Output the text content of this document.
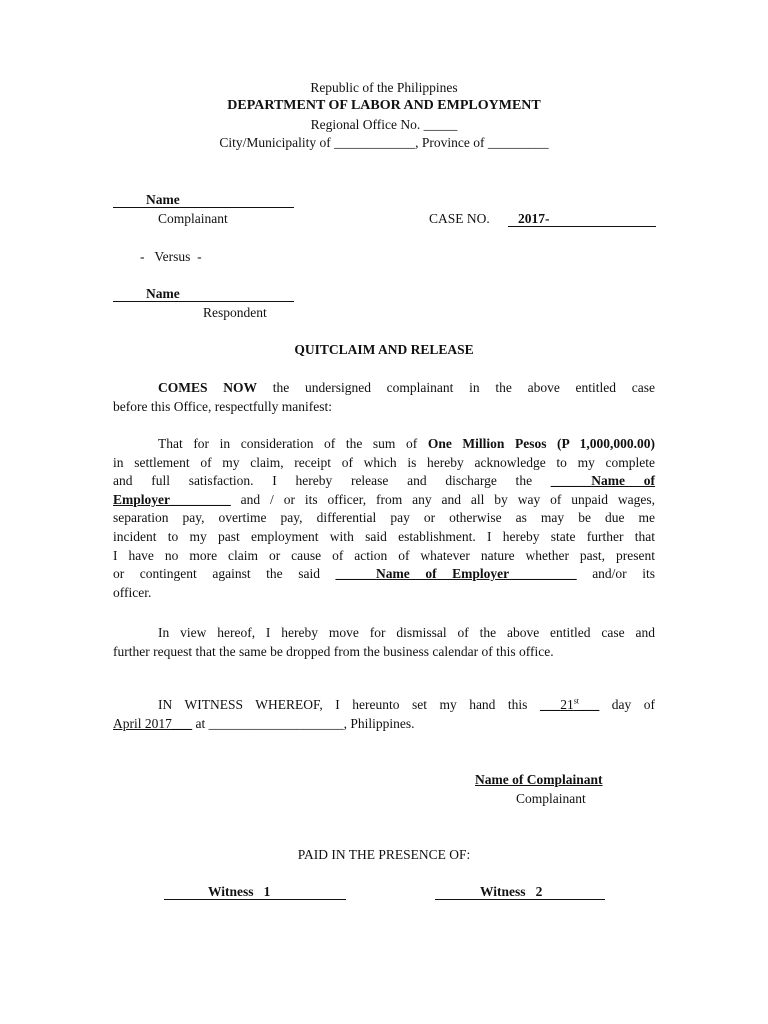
Republic of the Philippines
DEPARTMENT OF LABOR AND EMPLOYMENT
Regional Office No. _____
City/Municipality of ____________, Province of _________
Name
Complainant	CASE NO. 2017-
-   Versus  -
Name
Respondent
QUITCLAIM AND RELEASE
COMES NOW the undersigned complainant in the above entitled case
before this Office, respectfully manifest:
That for in consideration of the sum of One Million Pesos (P 1,000,000.00)
in settlement of my claim, receipt of which is hereby acknowledge to my complete
and full satisfaction. I hereby release and discharge the ______Name of
Employer_________ and / or its officer, from any and all by way of unpaid wages,
separation pay, overtime pay, differential pay or otherwise as may be due me
incident to my past employment with said establishment. I hereby state further that
I have no more claim or cause of action of whatever nature whether past, present
or contingent against the said ______Name of Employer__________ and/or its
officer.
In view hereof, I hereby move for dismissal of the above entitled case and
further request that the same be dropped from the business calendar of this office.
IN WITNESS WHEREOF, I hereunto set my hand this ___21st___ day of
April 2017___ at ____________________, Philippines.
Name of Complainant
Complainant
PAID IN THE PRESENCE OF:
Witness   1	Witness   2
